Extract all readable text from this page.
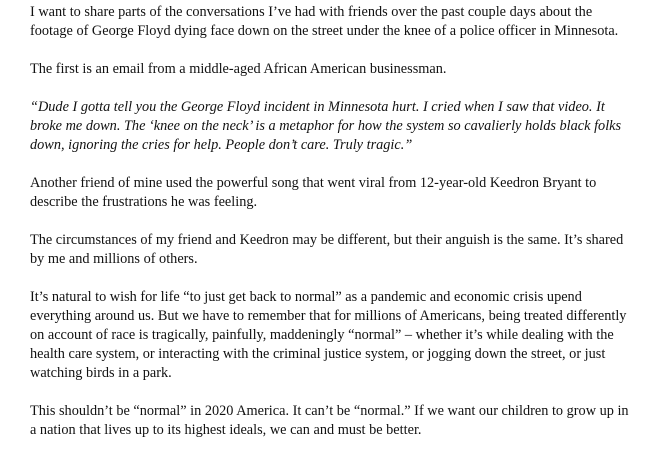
I want to share parts of the conversations I’ve had with friends over the past couple days about the footage of George Floyd dying face down on the street under the knee of a police officer in Minnesota.

The first is an email from a middle-aged African American businessman.

“Dude I gotta tell you the George Floyd incident in Minnesota hurt. I cried when I saw that video. It broke me down. The ‘knee on the neck’ is a metaphor for how the system so cavalierly holds black folks down, ignoring the cries for help. People don’t care. Truly tragic.”

Another friend of mine used the powerful song that went viral from 12-year-old Keedron Bryant to describe the frustrations he was feeling.

The circumstances of my friend and Keedron may be different, but their anguish is the same. It’s shared by me and millions of others.

It’s natural to wish for life “to just get back to normal” as a pandemic and economic crisis upend everything around us. But we have to remember that for millions of Americans, being treated differently on account of race is tragically, painfully, maddeningly “normal” – whether it’s while dealing with the health care system, or interacting with the criminal justice system, or jogging down the street, or just watching birds in a park.

This shouldn’t be “normal” in 2020 America. It can’t be “normal.” If we want our children to grow up in a nation that lives up to its highest ideals, we can and must be better.
